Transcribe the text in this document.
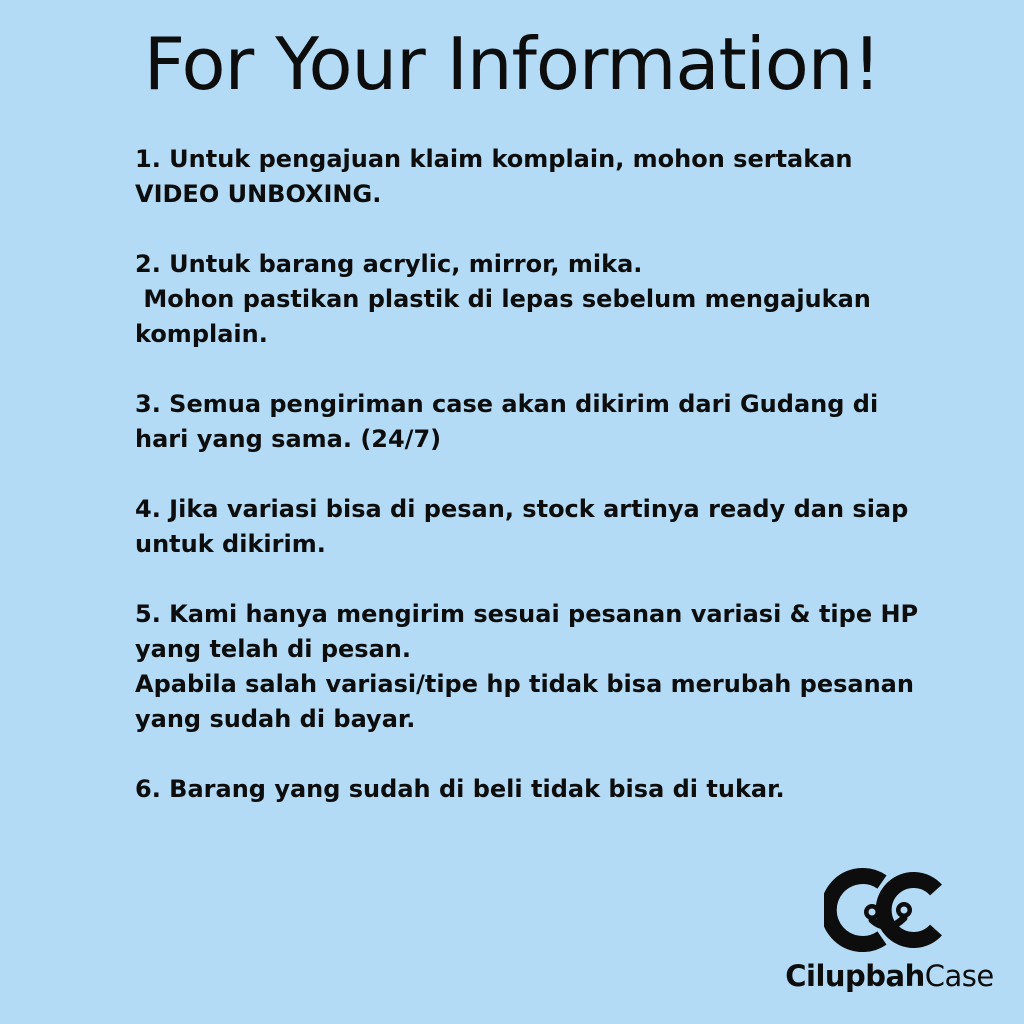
For Your Information!
1. Untuk pengajuan klaim komplain, mohon sertakan
VIDEO UNBOXING.
2. Untuk barang acrylic, mirror, mika.
Mohon pastikan plastik di lepas sebelum mengajukan
komplain.
3. Semua pengiriman case akan dikirim dari Gudang di
hari yang sama. (24/7)
4. Jika variasi bisa di pesan, stock artinya ready dan siap
untuk dikirim.
5. Kami hanya mengirim sesuai pesanan variasi & tipe HP
yang telah di pesan.
Apabila salah variasi/tipe hp tidak bisa merubah pesanan
yang sudah di bayar.
6. Barang yang sudah di beli tidak bisa di tukar.
CilupbahCase
